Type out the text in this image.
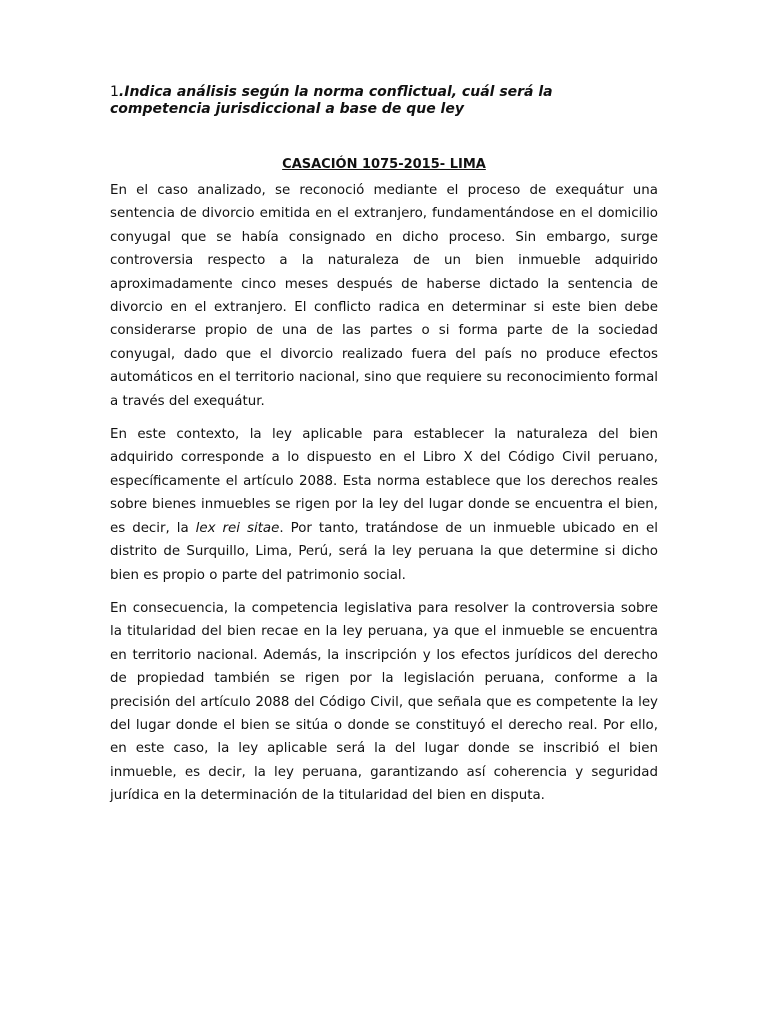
1.Indica análisis según la norma conflictual, cuál será la competencia jurisdiccional a base de que ley

CASACIÓN 1075-2015- LIMA

En el caso analizado, se reconoció mediante el proceso de exequátur una sentencia de divorcio emitida en el extranjero, fundamentándose en el domicilio conyugal que se había consignado en dicho proceso. Sin embargo, surge controversia respecto a la naturaleza de un bien inmueble adquirido aproximadamente cinco meses después de haberse dictado la sentencia de divorcio en el extranjero. El conflicto radica en determinar si este bien debe considerarse propio de una de las partes o si forma parte de la sociedad conyugal, dado que el divorcio realizado fuera del país no produce efectos automáticos en el territorio nacional, sino que requiere su reconocimiento formal a través del exequátur.

En este contexto, la ley aplicable para establecer la naturaleza del bien adquirido corresponde a lo dispuesto en el Libro X del Código Civil peruano, específicamente el artículo 2088. Esta norma establece que los derechos reales sobre bienes inmuebles se rigen por la ley del lugar donde se encuentra el bien, es decir, la lex rei sitae. Por tanto, tratándose de un inmueble ubicado en el distrito de Surquillo, Lima, Perú, será la ley peruana la que determine si dicho bien es propio o parte del patrimonio social.

En consecuencia, la competencia legislativa para resolver la controversia sobre la titularidad del bien recae en la ley peruana, ya que el inmueble se encuentra en territorio nacional. Además, la inscripción y los efectos jurídicos del derecho de propiedad también se rigen por la legislación peruana, conforme a la precisión del artículo 2088 del Código Civil, que señala que es competente la ley del lugar donde el bien se sitúa o donde se constituyó el derecho real. Por ello, en este caso, la ley aplicable será la del lugar donde se inscribió el bien inmueble, es decir, la ley peruana, garantizando así coherencia y seguridad jurídica en la determinación de la titularidad del bien en disputa.
